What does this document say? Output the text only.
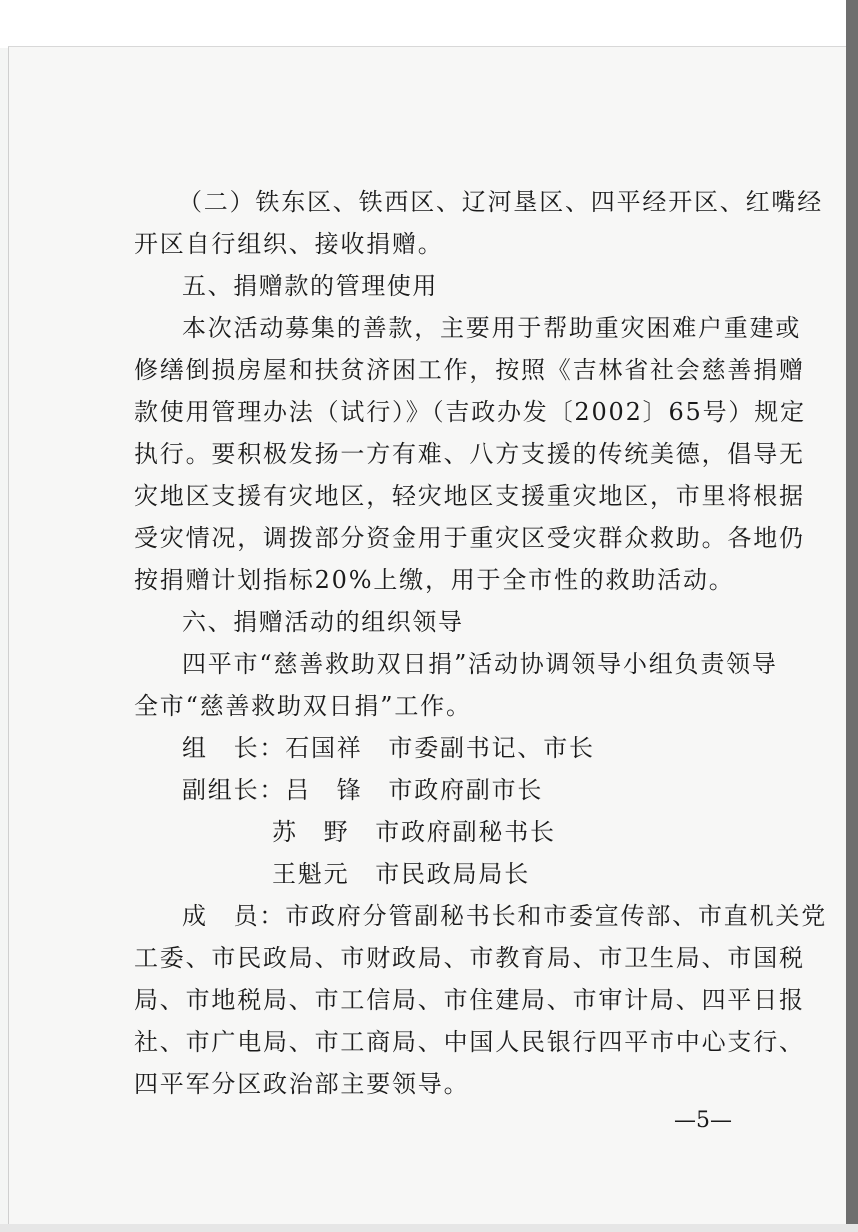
（二）铁东区、铁西区、辽河垦区、四平经开区、红嘴经
开区自行组织、接收捐赠。
五、捐赠款的管理使用
本次活动募集的善款，主要用于帮助重灾困难户重建或
修缮倒损房屋和扶贫济困工作，按照《吉林省社会慈善捐赠
款使用管理办法（试行）》（吉政办发〔2002〕65号）规定
执行。要积极发扬一方有难、八方支援的传统美德，倡导无
灾地区支援有灾地区，轻灾地区支援重灾地区，市里将根据
受灾情况，调拨部分资金用于重灾区受灾群众救助。各地仍
按捐赠计划指标20%上缴，用于全市性的救助活动。
六、捐赠活动的组织领导
四平市“慈善救助双日捐”活动协调领导小组负责领导
全市“慈善救助双日捐”工作。
组　长：石国祥　市委副书记、市长
副组长：吕　锋　市政府副市长
苏　野　市政府副秘书长
王魁元　市民政局局长
成　员：市政府分管副秘书长和市委宣传部、市直机关党
工委、市民政局、市财政局、市教育局、市卫生局、市国税
局、市地税局、市工信局、市住建局、市审计局、四平日报
社、市广电局、市工商局、中国人民银行四平市中心支行、
四平军分区政治部主要领导。
—5—
